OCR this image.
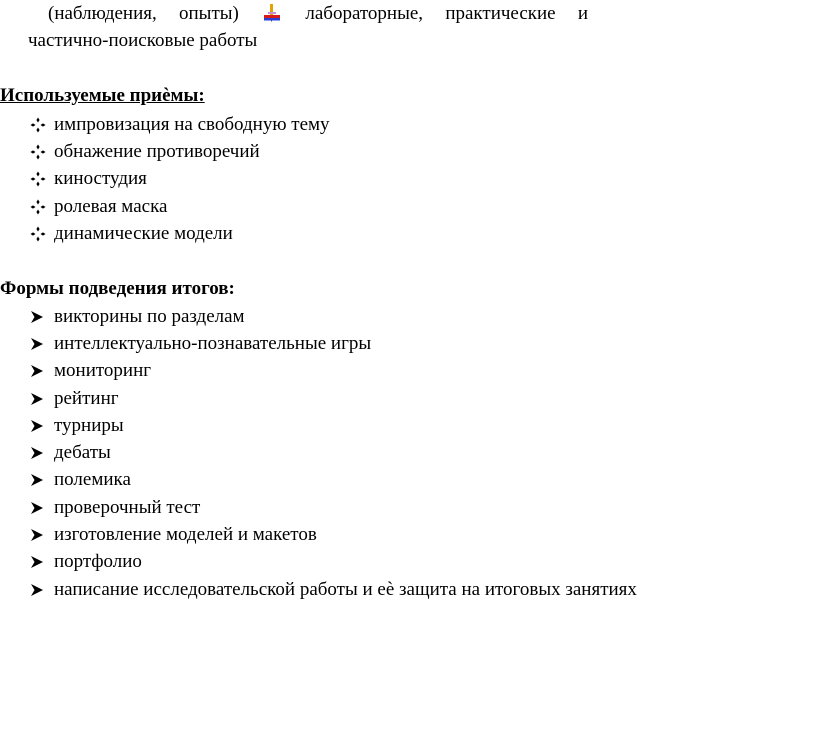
(наблюдения, опыты)	лабораторные, практические и
частично-поисковые работы
Используемые приѐмы:
импровизация на свободную тему
обнажение противоречий
киностудия
ролевая маска
динамические модели
Формы подведения итогов:
викторины по разделам
интеллектуально-познавательные игры
мониторинг
рейтинг
турниры
дебаты
полемика
проверочный тест
изготовление моделей и макетов
портфолио
написание исследовательской работы и еѐ защита на итоговых занятиях
